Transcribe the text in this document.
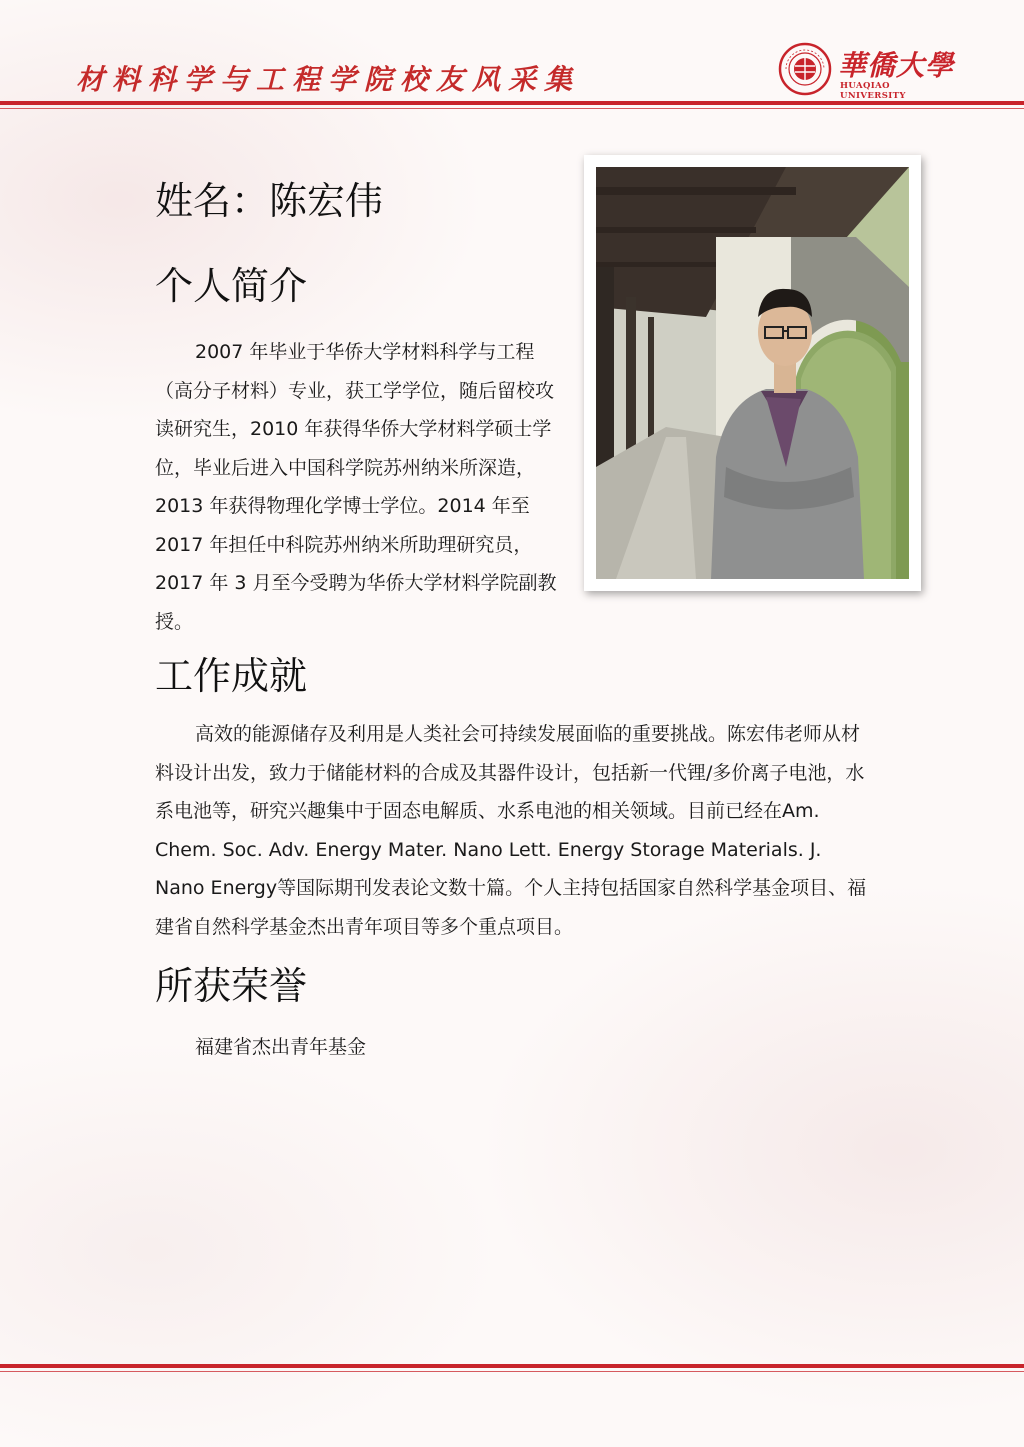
材料科学与工程学院校友风采集	華僑大學
HUAQIAO UNIVERSITY
姓名：陈宏伟
个人简介
2007 年毕业于华侨大学材料科学与工程（高分子材料）专业，获工学学位，随后留校攻读研究生，2010 年获得华侨大学材料学硕士学位，毕业后进入中国科学院苏州纳米所深造，2013 年获得物理化学博士学位。2014 年至 2017 年担任中科院苏州纳米所助理研究员，2017 年 3 月至今受聘为华侨大学材料学院副教授。
工作成就
高效的能源储存及利用是人类社会可持续发展面临的重要挑战。陈宏伟老师从材料设计出发，致力于储能材料的合成及其器件设计，包括新一代锂/多价离子电池，水系电池等，研究兴趣集中于固态电解质、水系电池的相关领域。目前已经在Am. Chem. Soc. Adv. Energy Mater. Nano Lett. Energy Storage Materials. J. Nano Energy等国际期刊发表论文数十篇。个人主持包括国家自然科学基金项目、福建省自然科学基金杰出青年项目等多个重点项目。
所获荣誉
福建省杰出青年基金
